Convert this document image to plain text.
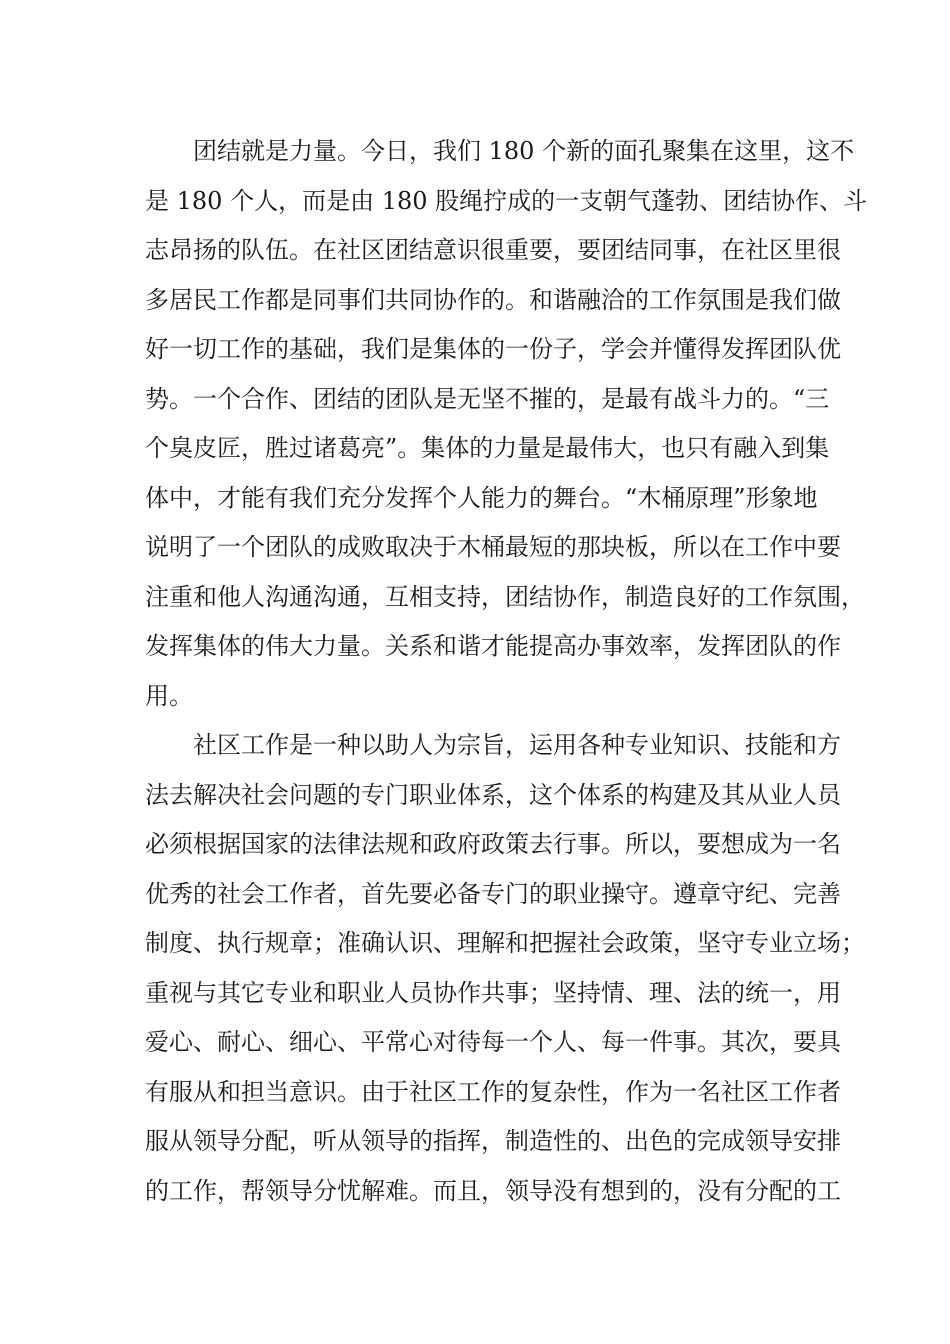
团结就是力量。今日，我们 180 个新的面孔聚集在这里，这不
是 180 个人，而是由 180 股绳拧成的一支朝气蓬勃、团结协作、斗
志昂扬的队伍。在社区团结意识很重要，要团结同事，在社区里很
多居民工作都是同事们共同协作的。和谐融洽的工作氛围是我们做
好一切工作的基础，我们是集体的一份子，学会并懂得发挥团队优
势。一个合作、团结的团队是无坚不摧的，是最有战斗力的。“三
个臭皮匠，胜过诸葛亮”。集体的力量是最伟大，也只有融入到集
体中，才能有我们充分发挥个人能力的舞台。“木桶原理”形象地
说明了一个团队的成败取决于木桶最短的那块板，所以在工作中要
注重和他人沟通沟通，互相支持，团结协作，制造良好的工作氛围，
发挥集体的伟大力量。关系和谐才能提高办事效率，发挥团队的作
用。
社区工作是一种以助人为宗旨，运用各种专业知识、技能和方
法去解决社会问题的专门职业体系，这个体系的构建及其从业人员
必须根据国家的法律法规和政府政策去行事。所以，要想成为一名
优秀的社会工作者，首先要必备专门的职业操守。遵章守纪、完善
制度、执行规章；准确认识、理解和把握社会政策，坚守专业立场；
重视与其它专业和职业人员协作共事；坚持情、理、法的统一，用
爱心、耐心、细心、平常心对待每一个人、每一件事。其次，要具
有服从和担当意识。由于社区工作的复杂性，作为一名社区工作者
服从领导分配，听从领导的指挥，制造性的、出色的完成领导安排
的工作，帮领导分忧解难。而且，领导没有想到的，没有分配的工
